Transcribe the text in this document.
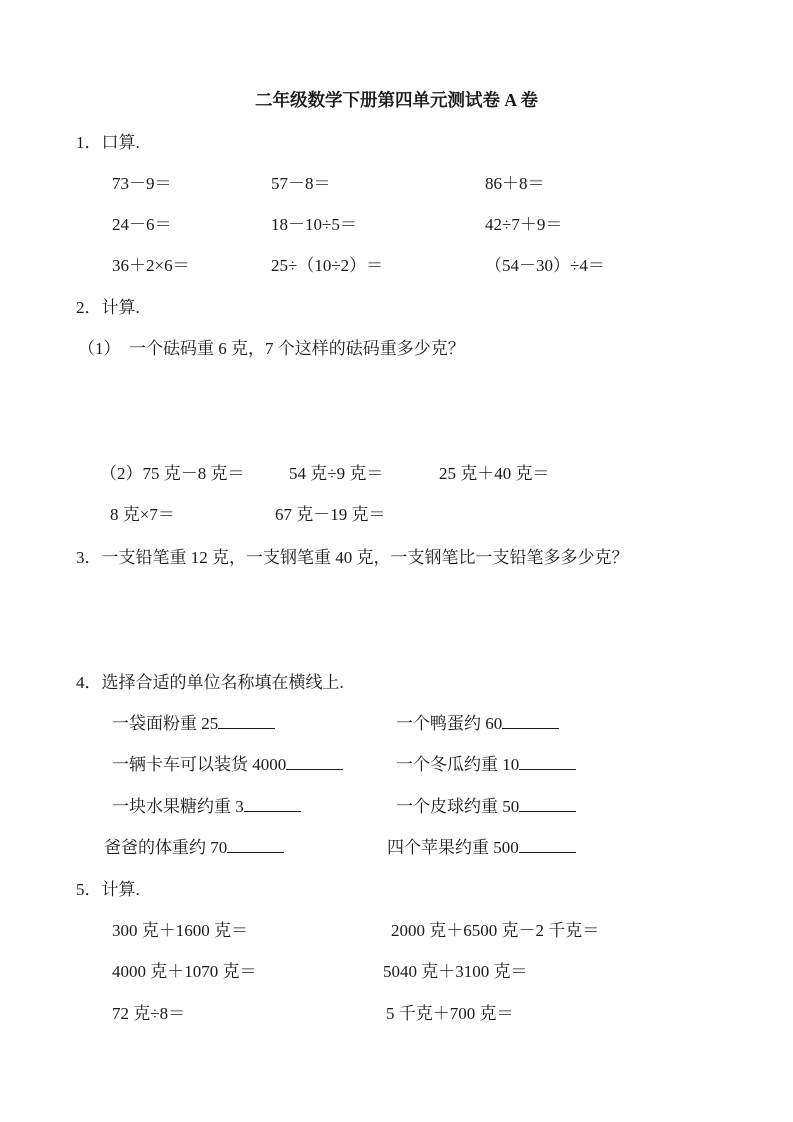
二年级数学下册第四单元测试卷 A 卷
1．口算.
73－9＝	57－8＝	86＋8＝
24－6＝	18－10÷5＝	42÷7＋9＝
36＋2×6＝	25÷（10÷2）＝	（54－30）÷4＝
2．计算.
（1）  一个砝码重 6 克，7 个这样的砝码重多少克？
（2）75 克－8 克＝	54 克÷9 克＝	25 克＋40 克＝
8 克×7＝	67 克－19 克＝
3．一支铅笔重 12 克，一支钢笔重 40 克，一支钢笔比一支铅笔多多少克？
4．选择合适的单位名称填在横线上.
一袋面粉重 25	一个鸭蛋约 60
一辆卡车可以装货 4000	一个冬瓜约重 10
一块水果糖约重 3	一个皮球约重 50
爸爸的体重约 70	四个苹果约重 500
5．计算.
300 克＋1600 克＝	2000 克＋6500 克－2 千克＝
4000 克＋1070 克＝	5040 克＋3100 克＝
72 克÷8＝	5 千克＋700 克＝
